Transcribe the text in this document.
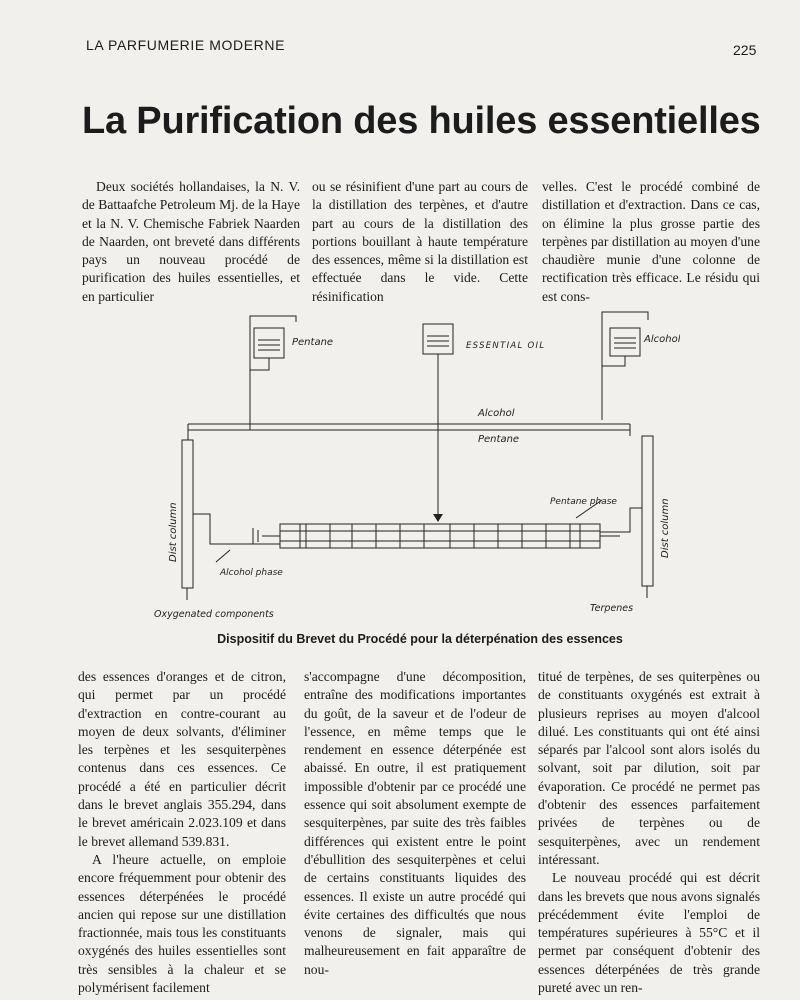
LA PARFUMERIE MODERNE	225
La Purification des huiles essentielles

Deux sociétés hollandaises, la N. V. de Battaafche Petroleum Mj. de la Haye et la N. V. Chemische Fabriek Naarden de Naarden, ont breveté dans différents pays un nouveau procédé de purification des huiles essentielles, et en particulier

ou se résinifient d'une part au cours de la distillation des terpènes, et d'autre part au cours de la distillation des portions bouillant à haute température des essences, même si la distillation est effectuée dans le vide. Cette résinification

velles. C'est le procédé combiné de distillation et d'extraction. Dans ce cas, on élimine la plus grosse partie des terpènes par distillation au moyen d'une chaudière munie d'une colonne de rectification très efficace. Le résidu qui est cons-

Pentane	ESSENTIAL OIL
Alcohol
Alcohol
Pentane
Dist column	Dist column
Pentane phase
Alcohol phase
Oxygenated components
Terpenes

Dispositif du Brevet du Procédé pour la déterpénation des essences

des essences d'oranges et de citron, qui permet par un procédé d'extraction en contre-courant au moyen de deux solvants, d'éliminer les terpènes et les sesquiterpènes contenus dans ces essences. Ce procédé a été en particulier décrit dans le brevet anglais 355.294, dans le brevet américain 2.023.109 et dans le brevet allemand 539.831.

A l'heure actuelle, on emploie encore fréquemment pour obtenir des essences déterpénées le procédé ancien qui repose sur une distillation fractionnée, mais tous les constituants oxygénés des huiles essentielles sont très sensibles à la chaleur et se polymérisent facilement

s'accompagne d'une décomposition, entraîne des modifications importantes du goût, de la saveur et de l'odeur de l'essence, en même temps que le rendement en essence déterpénée est abaissé. En outre, il est pratiquement impossible d'obtenir par ce procédé une essence qui soit absolument exempte de sesquiterpènes, par suite des très faibles différences qui existent entre le point d'ébullition des sesquiterpènes et celui de certains constituants liquides des essences. Il existe un autre procédé qui évite certaines des difficultés que nous venons de signaler, mais qui malheureusement en fait apparaître de nou-

titué de terpènes, de ses quiterpènes ou de constituants oxygénés est extrait à plusieurs reprises au moyen d'alcool dilué. Les constituants qui ont été ainsi séparés par l'alcool sont alors isolés du solvant, soit par dilution, soit par évaporation. Ce procédé ne permet pas d'obtenir des essences parfaitement privées de terpènes ou de sesquiterpènes, avec un rendement intéressant.

Le nouveau procédé qui est décrit dans les brevets que nous avons signalés précédemment évite l'emploi de températures supérieures à 55°C et il permet par conséquent d'obtenir des essences déterpénées de très grande pureté avec un ren-
